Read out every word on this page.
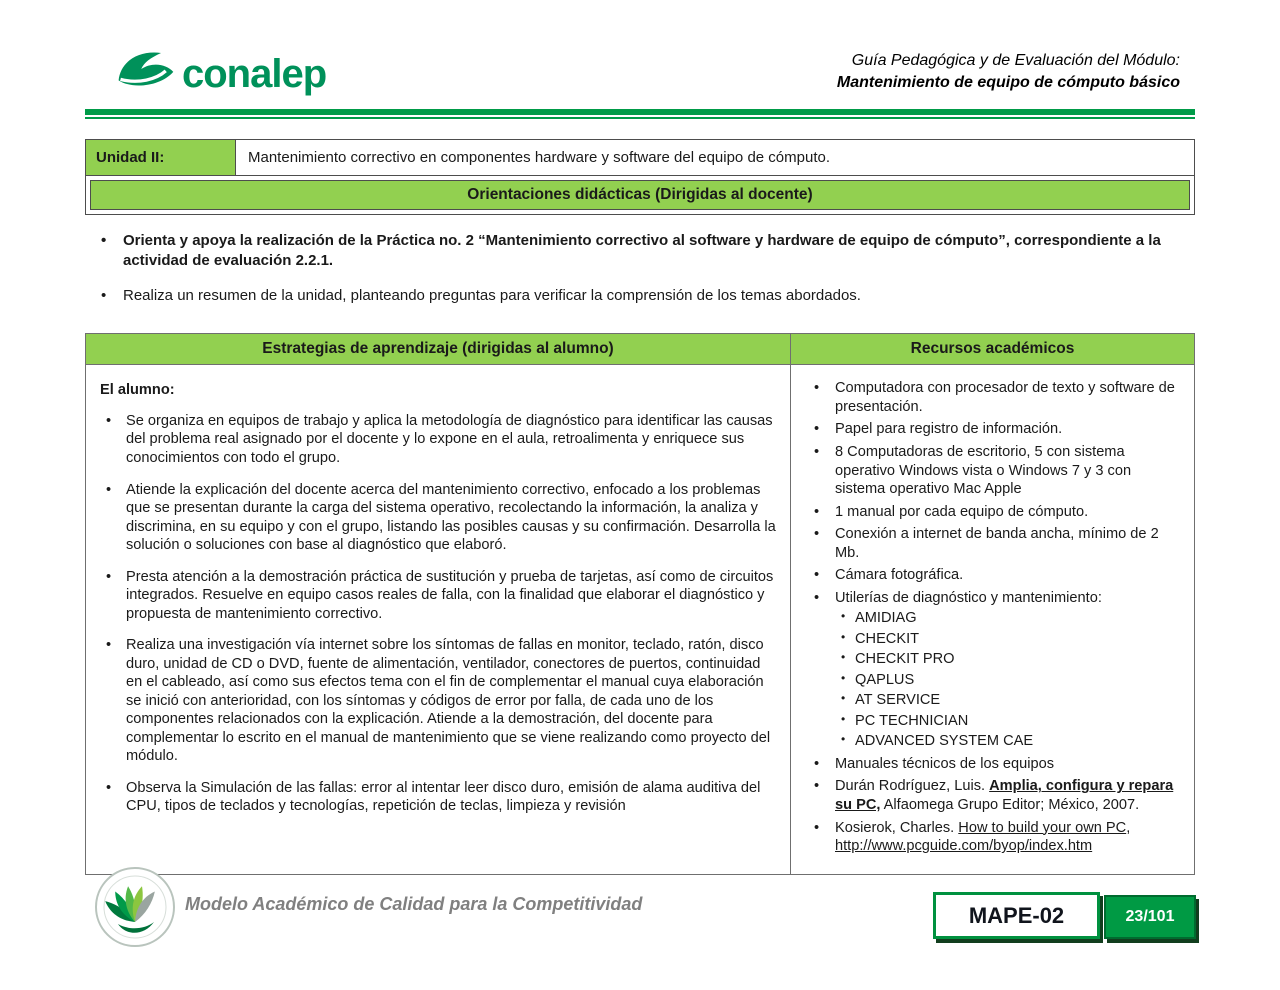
conalep	Guía Pedagógica y de Evaluación del Módulo:
Mantenimiento de equipo de cómputo básico
Unidad II:	Mantenimiento correctivo en componentes hardware y software del equipo de cómputo.
Orientaciones didácticas (Dirigidas al docente)
• Orienta y apoya la realización de la Práctica no. 2 “Mantenimiento correctivo al software y hardware de equipo de cómputo”, correspondiente a la actividad de evaluación 2.2.1.
• Realiza un resumen de la unidad, planteando preguntas para verificar la comprensión de los temas abordados.
Estrategias de aprendizaje (dirigidas al alumno)	Recursos académicos

El alumno:

• Se organiza en equipos de trabajo y aplica la metodología de diagnóstico para identificar las causas del problema real asignado por el docente y lo expone en el aula, retroalimenta y enriquece sus conocimientos con todo el grupo.
• Atiende la explicación del docente acerca del mantenimiento correctivo, enfocado a los problemas que se presentan durante la carga del sistema operativo, recolectando la información, la analiza y discrimina, en su equipo y con el grupo, listando las posibles causas y su confirmación. Desarrolla la solución o soluciones con base al diagnóstico que elaboró.
• Presta atención a la demostración práctica de sustitución y prueba de tarjetas, así como de circuitos integrados. Resuelve en equipo casos reales de falla, con la finalidad que elaborar el diagnóstico y propuesta de mantenimiento correctivo.
• Realiza una investigación vía internet sobre los síntomas de fallas en monitor, teclado, ratón, disco duro, unidad de CD o DVD, fuente de alimentación, ventilador, conectores de puertos, continuidad en el cableado, así como sus efectos tema con el fin de complementar el manual cuya elaboración se inició con anterioridad, con los síntomas y códigos de error por falla, de cada uno de los componentes relacionados con la explicación. Atiende a la demostración, del docente para complementar lo escrito en el manual de mantenimiento que se viene realizando como proyecto del módulo.
• Observa la Simulación de las fallas: error al intentar leer disco duro, emisión de alama auditiva del CPU, tipos de teclados y tecnologías, repetición de teclas, limpieza y revisión
• Computadora con procesador de texto y software de presentación.
• Papel para registro de información.
• 8 Computadoras de escritorio, 5 con sistema operativo Windows vista o Windows 7 y 3 con sistema operativo Mac Apple
• 1 manual por cada equipo de cómputo.
• Conexión a internet de banda ancha, mínimo de 2 Mb.
• Cámara fotográfica.
• Utilerías de diagnóstico y mantenimiento:
• AMIDIAG
• CHECKIT
• CHECKIT PRO
• QAPLUS
• AT SERVICE
• PC TECHNICIAN
• ADVANCED SYSTEM CAE
• Manuales técnicos de los equipos
• Durán Rodríguez, Luis. Amplia, configura y repara su PC, Alfaomega Grupo Editor; México, 2007.
• Kosierok, Charles. How to build your own PC,
http://www.pcguide.com/byop/index.htm
Modelo Académico de Calidad para la Competitividad	MAPE-02	23/101
